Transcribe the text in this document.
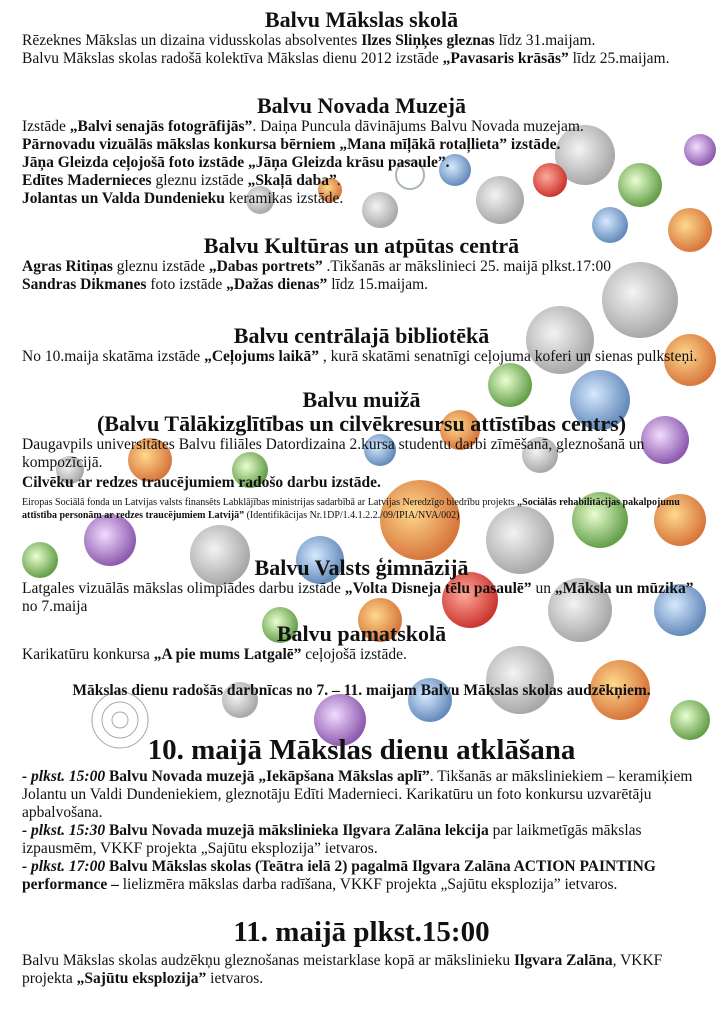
Balvu Mākslas skolā

Rēzeknes Mākslas un dizaina vidusskolas absolventes Ilzes Sliņķes gleznas līdz 31.maijam.

Balvu Mākslas skolas radošā kolektīva Mākslas dienu 2012 izstāde „Pavasaris krāsās” līdz 25.maijam.

Balvu Novada Muzejā

Izstāde „Balvi senajās fotogrāfijās”. Daiņa Punculа dāvinājums Balvu Novada muzejam.

Pārnovadu vizuālās mākslas konkursa bērniem „Mana mīļākā rotaļlieta” izstāde.

Jāņa Gleizda ceļojošā foto izstāde „Jāņa Gleizda krāsu pasaule”.

Edītes Madernieces gleznu izstāde „Skaļā daba”.

Jolantas un Valda Dundenieku keramikas izstāde.

Balvu Kultūras un atpūtas centrā

Agras Ritiņas gleznu izstāde „Dabas portrets” .Tikšanās ar mākslinieci 25. maijā plkst.17:00

Sandras Dikmanes foto izstāde „Dažas dienas” līdz 15.maijam.

Balvu centrālajā bibliotēkā

No 10.maija skatāma izstāde „Ceļojums laikā” , kurā skatāmi senatnīgi ceļojuma koferi un sienas pulksteņi.

Balvu muižā
(Balvu Tālākizglītības un cilvēkresursu attīstības centrs)

Daugavpils universitātes Balvu filiāles Datordizaina 2.kursa studentu darbi zīmēšanā, gleznošanā un kompozīcijā.

Cilvēku ar redzes traucējumiem radošo darbu izstāde.

Eiropas Sociālā fonda un Latvijas valsts finansēts Labklājības ministrijas sadarbībā ar Latvijas Neredzīgo biedrību projekts „Sociālās rehabilitācijas pakalpojumu attīstība personām ar redzes traucējumiem Latvijā” (Identifikācijas Nr.1DP/1.4.1.2.2./09/IPIA/NVA/002)

Balvu Valsts ģimnāzijā

Latgales vizuālās mākslas olimpiādes darbu izstāde „Volta Disneja tēlu pasaulē” un „Māksla un mūzika” no 7.maija

Balvu pamatskolā

Karikatūru konkursa „A pie mums Latgalē” ceļojošā izstāde.

Mākslas dienu radošās darbnīcas no 7. – 11. maijam Balvu Mākslas skolas audzēkņiem.

10. maijā Mākslas dienu atklāšana

- plkst. 15:00 Balvu Novada muzejā „Iekāpšana Mākslas aplī”. Tikšanās ar māksliniekiem – keramiķiem Jolantu un Valdi Dundeniekiem, gleznotāju Edīti Madernieci. Karikatūru un foto konkursu uzvarētāju apbalvošana.

- plkst. 15:30 Balvu Novada muzejā mākslinieka Ilgvara Zalāna lekcija par laikmetīgās mākslas izpausmēm, VKKF projekta „Sajūtu eksplozija” ietvaros.

- plkst. 17:00 Balvu Mākslas skolas (Teātra ielā 2) pagalmā Ilgvara Zalāna ACTION PAINTING performance – lielizmēra mākslas darba radīšana, VKKF projekta „Sajūtu eksplozija” ietvaros.

11. maijā plkst.15:00

Balvu Mākslas skolas audzēkņu gleznošanas meistarklase kopā ar mākslinieku Ilgvara Zalāna, VKKF projekta „Sajūtu eksplozija” ietvaros.
